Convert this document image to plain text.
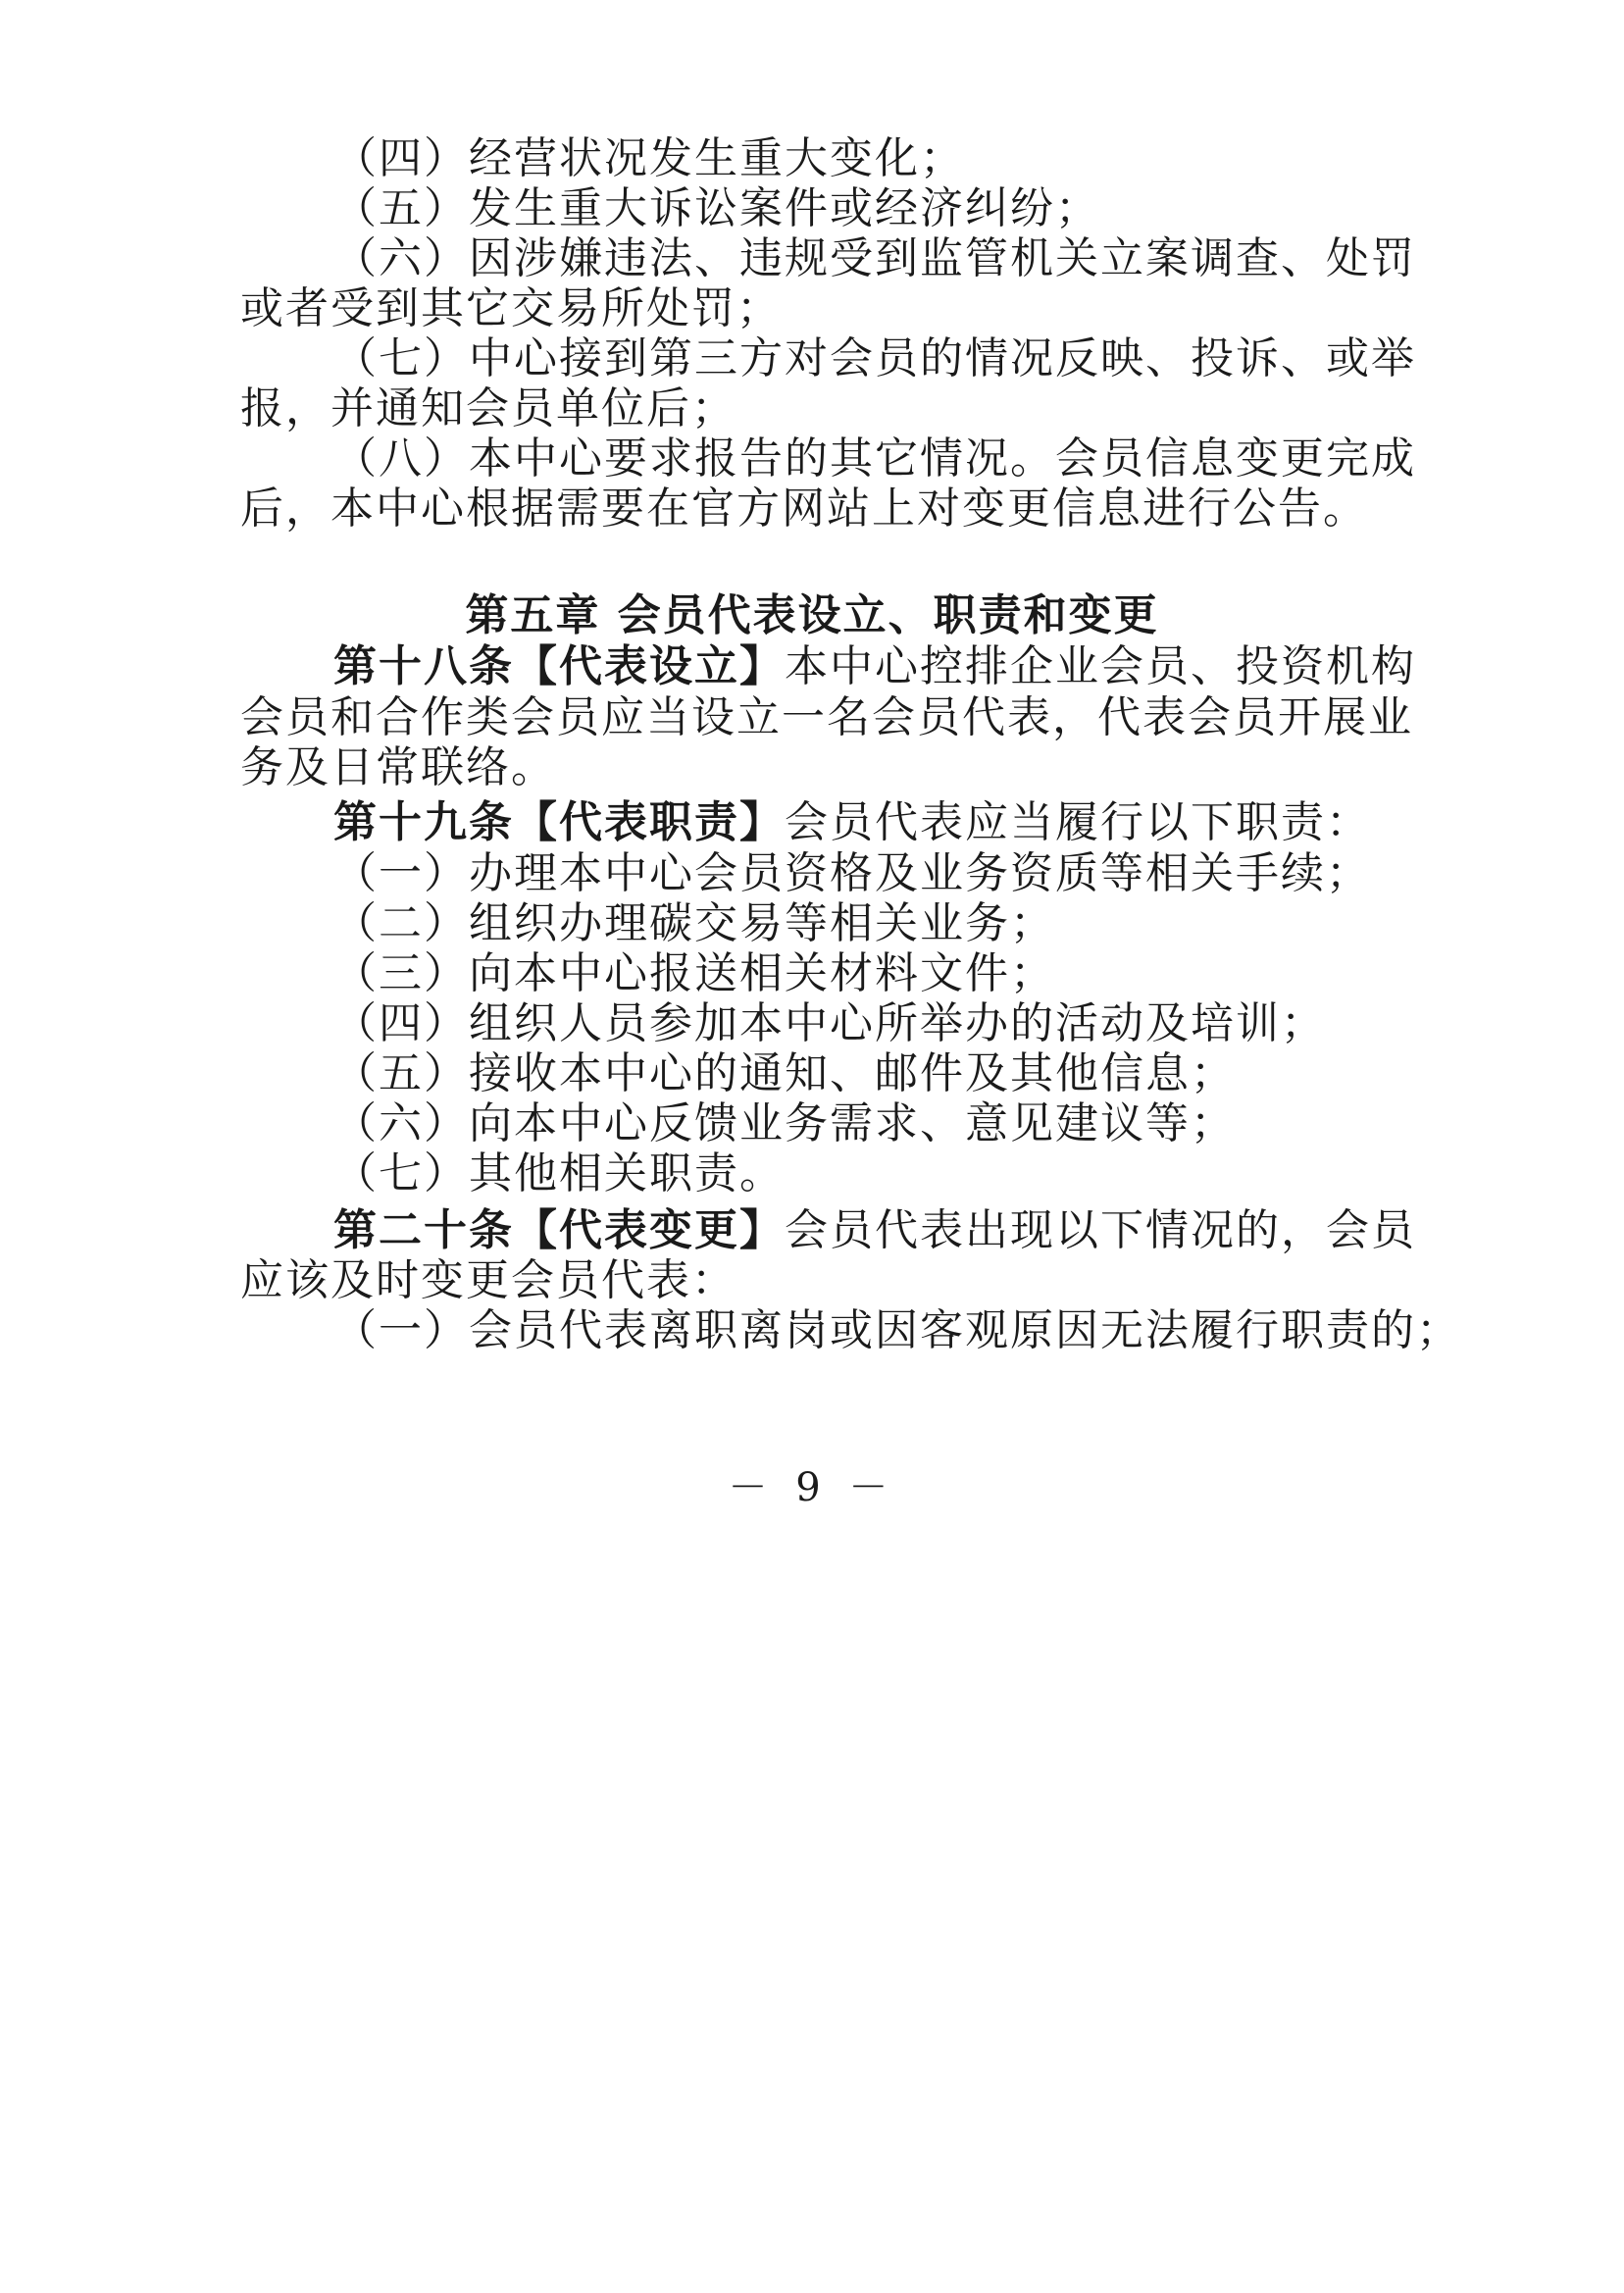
（四）经营状况发生重大变化；
（五）发生重大诉讼案件或经济纠纷；
（六）因涉嫌违法、违规受到监管机关立案调查、处罚
或者受到其它交易所处罚；
（七）中心接到第三方对会员的情况反映、投诉、或举
报，并通知会员单位后；
（八）本中心要求报告的其它情况。会员信息变更完成
后，本中心根据需要在官方网站上对变更信息进行公告。
第五章 会员代表设立、职责和变更
第十八条【代表设立】本中心控排企业会员、投资机构
会员和合作类会员应当设立一名会员代表，代表会员开展业
务及日常联络。
第十九条【代表职责】会员代表应当履行以下职责：
（一）办理本中心会员资格及业务资质等相关手续；
（二）组织办理碳交易等相关业务；
（三）向本中心报送相关材料文件；
（四）组织人员参加本中心所举办的活动及培训；
（五）接收本中心的通知、邮件及其他信息；
（六）向本中心反馈业务需求、意见建议等；
（七）其他相关职责。
第二十条【代表变更】会员代表出现以下情况的，会员
应该及时变更会员代表：
（一）会员代表离职离岗或因客观原因无法履行职责的；
－ 9 －
